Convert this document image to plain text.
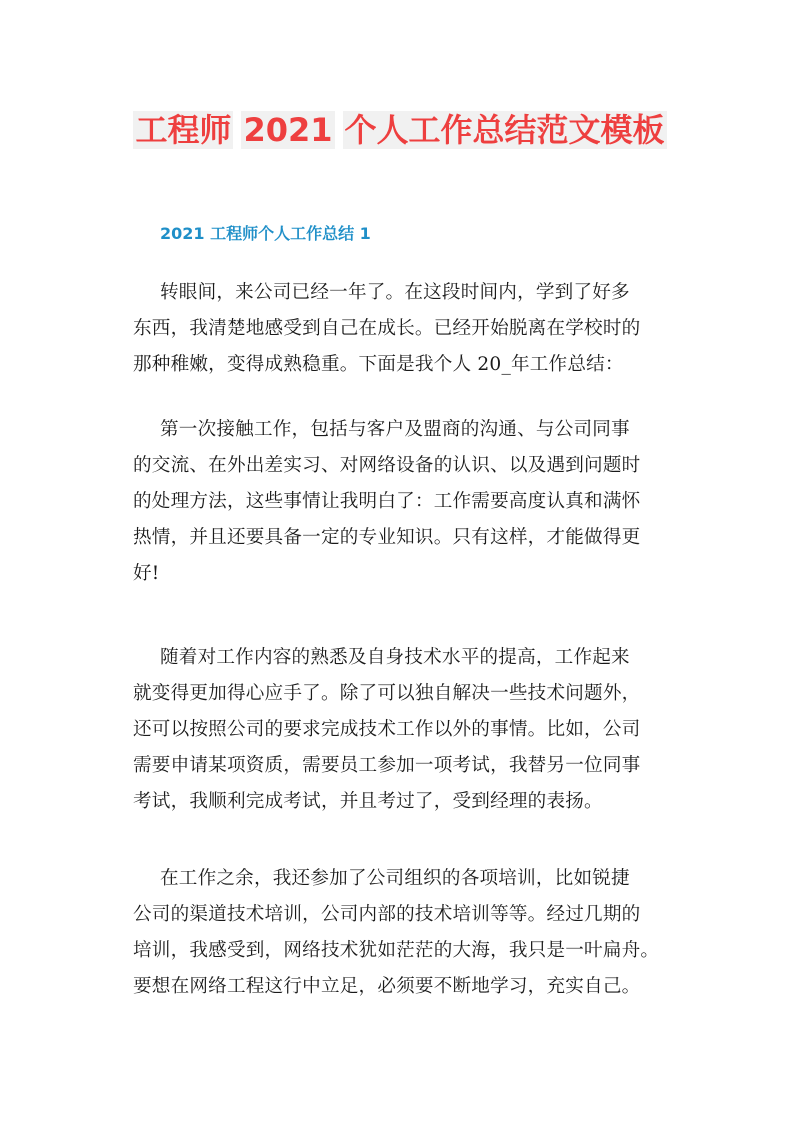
工程师 2021 个人工作总结范文模板
2021 工程师个人工作总结 1
转眼间，来公司已经一年了。在这段时间内，学到了好多
东西，我清楚地感受到自己在成长。已经开始脱离在学校时的
那种稚嫩，变得成熟稳重。下面是我个人 20_年工作总结：
第一次接触工作，包括与客户及盟商的沟通、与公司同事
的交流、在外出差实习、对网络设备的认识、以及遇到问题时
的处理方法，这些事情让我明白了：工作需要高度认真和满怀
热情，并且还要具备一定的专业知识。只有这样，才能做得更
好!
随着对工作内容的熟悉及自身技术水平的提高，工作起来
就变得更加得心应手了。除了可以独自解决一些技术问题外，
还可以按照公司的要求完成技术工作以外的事情。比如，公司
需要申请某项资质，需要员工参加一项考试，我替另一位同事
考试，我顺利完成考试，并且考过了，受到经理的表扬。
在工作之余，我还参加了公司组织的各项培训，比如锐捷
公司的渠道技术培训，公司内部的技术培训等等。经过几期的
培训，我感受到，网络技术犹如茫茫的大海，我只是一叶扁舟。
要想在网络工程这行中立足，必须要不断地学习，充实自己。
